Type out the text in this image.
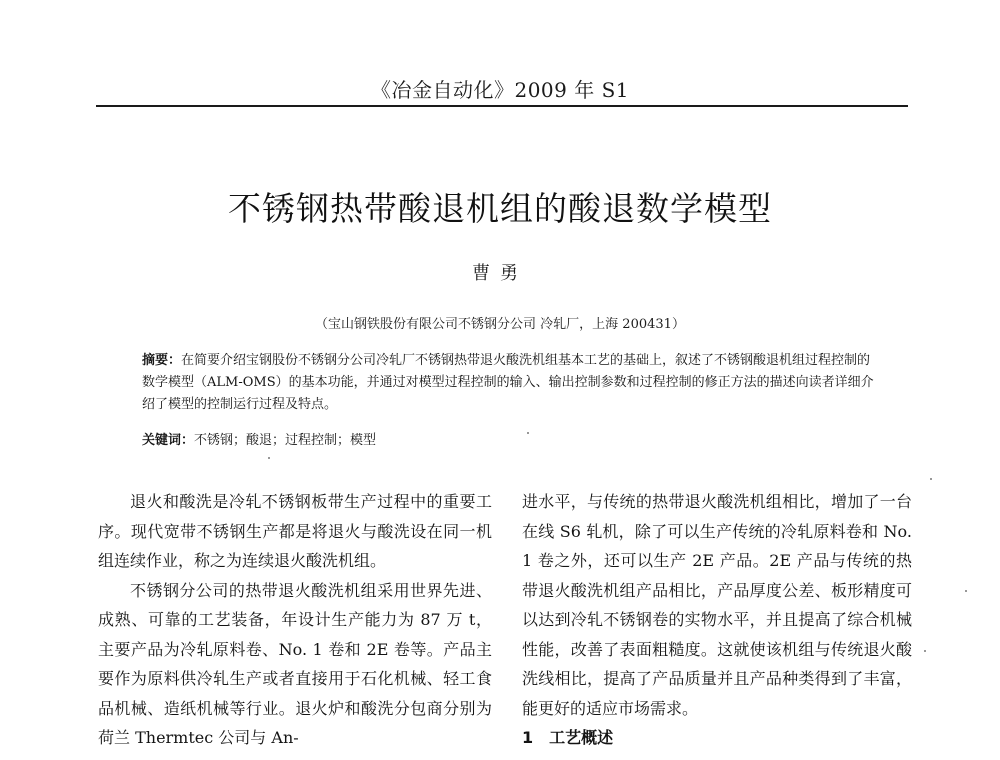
《冶金自动化》2009 年 S1
不锈钢热带酸退机组的酸退数学模型
曹勇
（宝山钢铁股份有限公司不锈钢分公司 冷轧厂，上海 200431）
摘要：在简要介绍宝钢股份不锈钢分公司冷轧厂不锈钢热带退火酸洗机组基本工艺的基础上，叙述了不锈钢酸退机组过程控制的数学模型（ALM-OMS）的基本功能，并通过对模型过程控制的输入、输出控制参数和过程控制的修正方法的描述向读者详细介绍了模型的控制运行过程及特点。
关键词：不锈钢；酸退；过程控制；模型

退火和酸洗是冷轧不锈钢板带生产过程中的重要工序。现代宽带不锈钢生产都是将退火与酸洗设在同一机组连续作业，称之为连续退火酸洗机组。

不锈钢分公司的热带退火酸洗机组采用世界先进、成熟、可靠的工艺装备，年设计生产能力为 87 万 t，主要产品为冷轧原料卷、No. 1 卷和 2E 卷等。产品主要作为原料供冷轧生产或者直接用于石化机械、轻工食品机械、造纸机械等行业。退火炉和酸洗分包商分别为荷兰 Thermtec 公司与 An-

进水平，与传统的热带退火酸洗机组相比，增加了一台在线 S6 轧机，除了可以生产传统的冷轧原料卷和 No. 1 卷之外，还可以生产 2E 产品。2E 产品与传统的热带退火酸洗机组产品相比，产品厚度公差、板形精度可以达到冷轧不锈钢卷的实物水平，并且提高了综合机械性能，改善了表面粗糙度。这就使该机组与传统退火酸洗线相比，提高了产品质量并且产品种类得到了丰富，能更好的适应市场需求。

1 工艺概述
